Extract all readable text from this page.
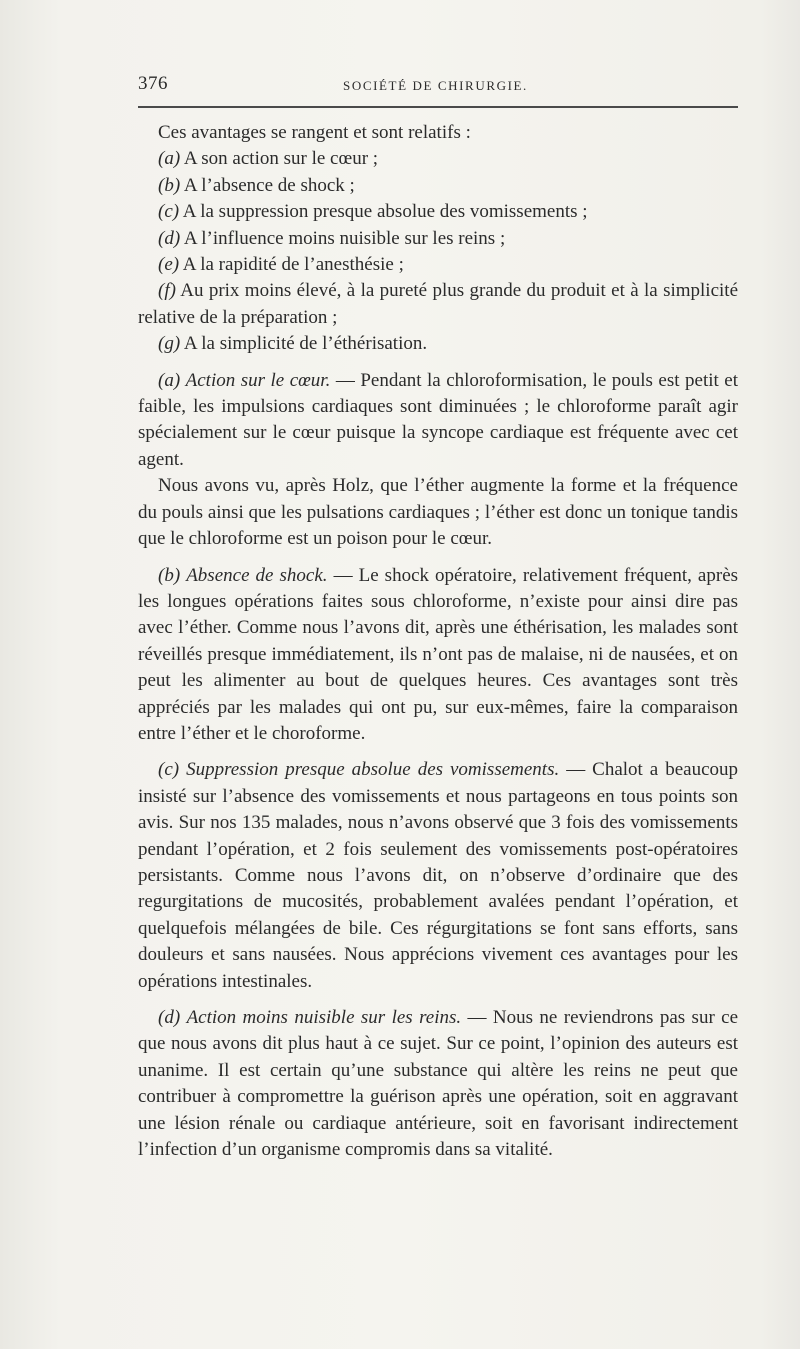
376	SOCIÉTÉ DE CHIRURGIE.

Ces avantages se rangent et sont relatifs :

(a) A son action sur le cœur ;

(b) A l’absence de shock ;

(c) A la suppression presque absolue des vomissements ;

(d) A l’influence moins nuisible sur les reins ;

(e) A la rapidité de l’anesthésie ;

(f) Au prix moins élevé, à la pureté plus grande du produit et à la simplicité relative de la préparation ;

(g) A la simplicité de l’éthérisation.

(a) Action sur le cœur. — Pendant la chloroformisation, le pouls est petit et faible, les impulsions cardiaques sont diminuées ; le chloroforme paraît agir spécialement sur le cœur puisque la syncope cardiaque est fréquente avec cet agent.

Nous avons vu, après Holz, que l’éther augmente la forme et la fréquence du pouls ainsi que les pulsations cardiaques ; l’éther est donc un tonique tandis que le chloroforme est un poison pour le cœur.

(b) Absence de shock. — Le shock opératoire, relativement fréquent, après les longues opérations faites sous chloroforme, n’existe pour ainsi dire pas avec l’éther. Comme nous l’avons dit, après une éthérisation, les malades sont réveillés presque immédiatement, ils n’ont pas de malaise, ni de nausées, et on peut les alimenter au bout de quelques heures. Ces avantages sont très appréciés par les malades qui ont pu, sur eux-mêmes, faire la comparaison entre l’éther et le choroforme.

(c) Suppression presque absolue des vomissements. — Chalot a beaucoup insisté sur l’absence des vomissements et nous partageons en tous points son avis. Sur nos 135 malades, nous n’avons observé que 3 fois des vomissements pendant l’opération, et 2 fois seulement des vomissements post-opératoires persistants. Comme nous l’avons dit, on n’observe d’ordinaire que des regurgitations de mucosités, probablement avalées pendant l’opération, et quelquefois mélangées de bile. Ces régurgitations se font sans efforts, sans douleurs et sans nausées. Nous apprécions vivement ces avantages pour les opérations intestinales.

(d) Action moins nuisible sur les reins. — Nous ne reviendrons pas sur ce que nous avons dit plus haut à ce sujet. Sur ce point, l’opinion des auteurs est unanime. Il est certain qu’une substance qui altère les reins ne peut que contribuer à compromettre la guérison après une opération, soit en aggravant une lésion rénale ou cardiaque antérieure, soit en favorisant indirectement l’infection d’un organisme compromis dans sa vitalité.
